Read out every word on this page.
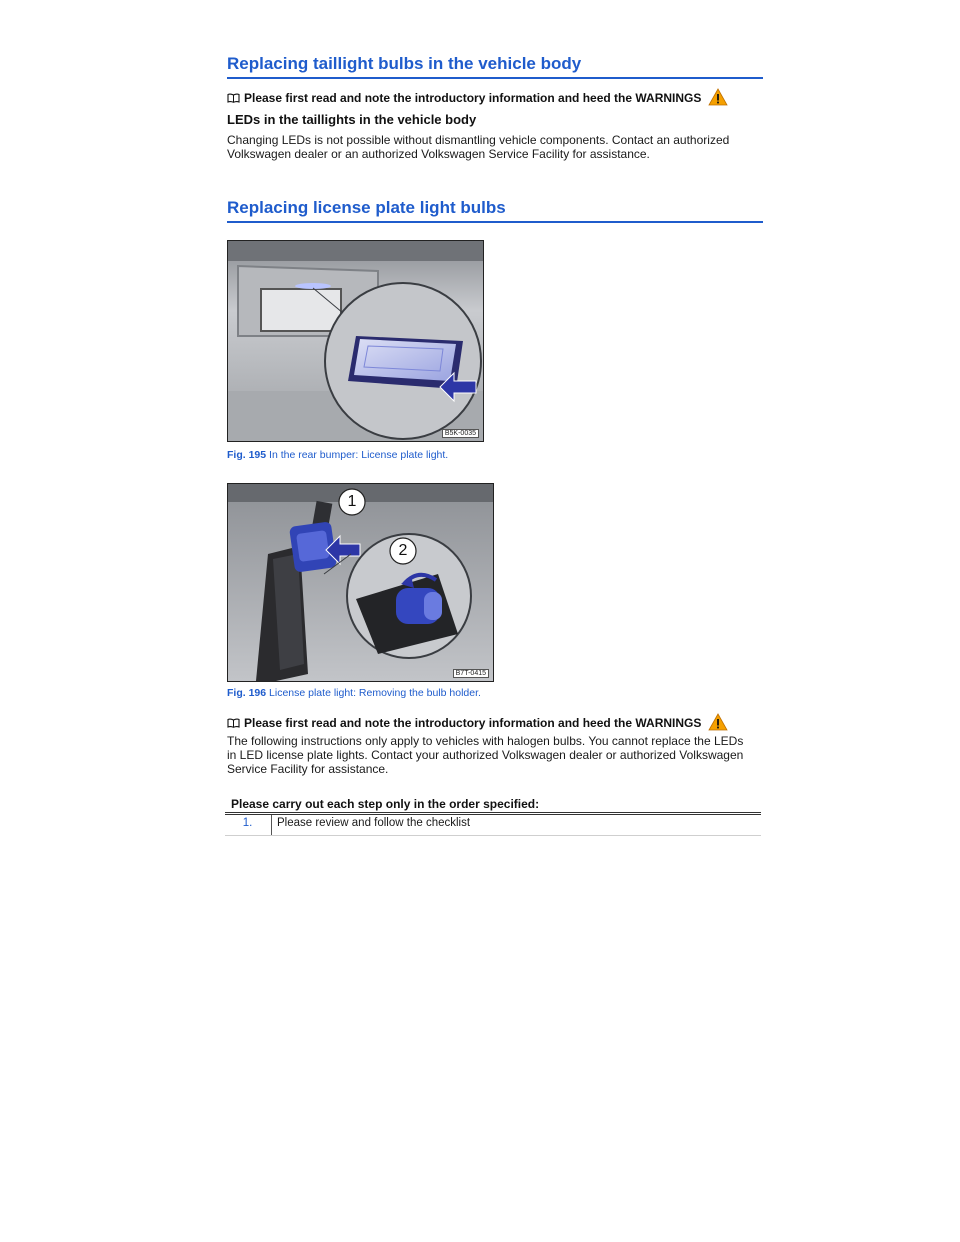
Replacing taillight bulbs in the vehicle body
Please first read and note the introductory information and heed the WARNINGS
LEDs in the taillights in the vehicle body
Changing LEDs is not possible without dismantling vehicle components. Contact an authorized Volkswagen dealer or an authorized Volkswagen Service Facility for assistance.
Replacing license plate light bulbs
B5K-0035
Fig. 195 In the rear bumper: License plate light.
1
2
B7T-0415
Fig. 196 License plate light: Removing the bulb holder.
Please first read and note the introductory information and heed the WARNINGS
The following instructions only apply to vehicles with halogen bulbs. You cannot replace the LEDs in LED license plate lights. Contact your authorized Volkswagen dealer or authorized Volkswagen Service Facility for assistance.
Please carry out each step only in the order specified:
1.	Please review and follow the checklist
